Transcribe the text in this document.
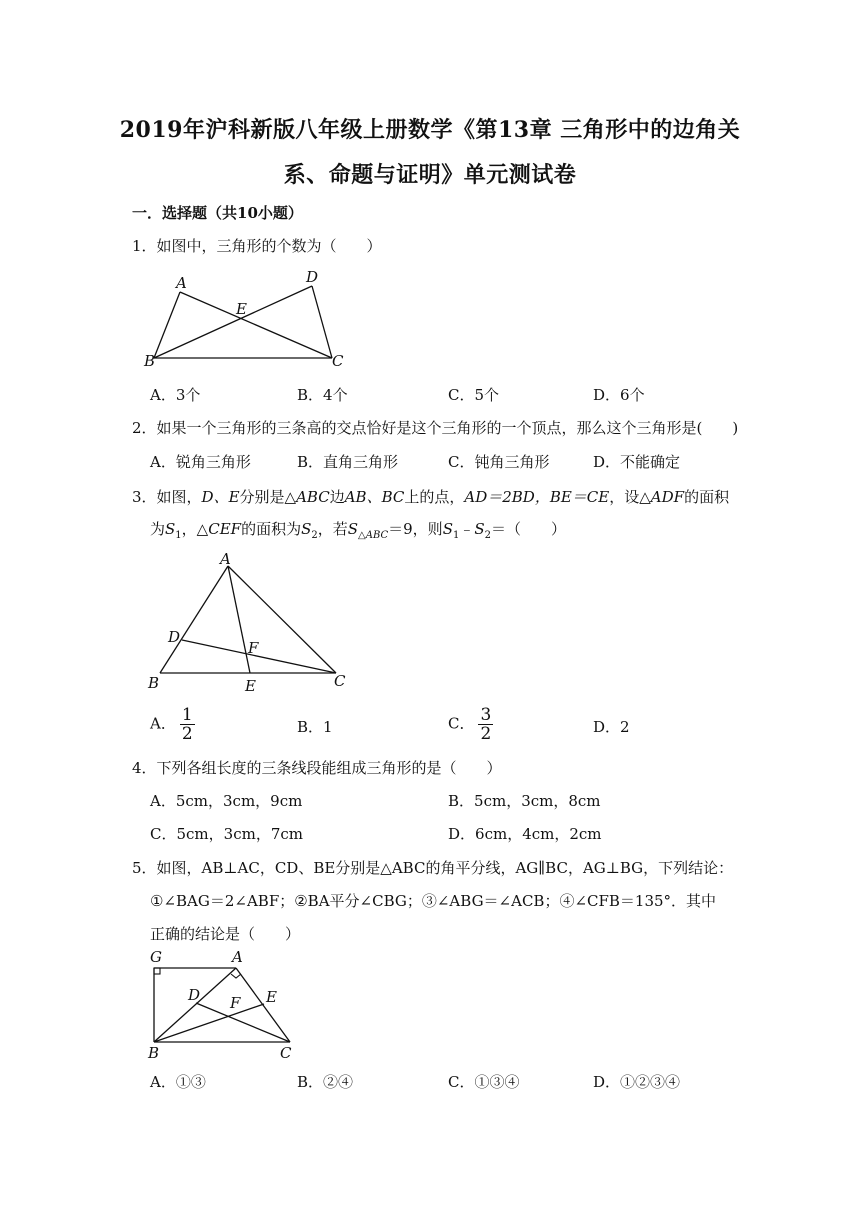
2019年沪科新版八年级上册数学《第13章 三角形中的边角关
系、命题与证明》单元测试卷
一．选择题（共10小题）
1．如图中，三角形的个数为（　　）
A	D
E
B	C
A．3个	B．4个	C．5个	D．6个
2．如果一个三角形的三条高的交点恰好是这个三角形的一个顶点，那么这个三角形是(　　)
A．锐角三角形	B．直角三角形	C．钝角三角形	D．不能确定
3．如图，D、E分别是△ABC边AB、BC上的点，AD＝2BD，BE＝CE，设△ADF的面积
为$S_1$，△CEF的面积为$S_2$，若$S_{\triangle ABC}=9$，则$S_1﹣S_2=$（　　）
A
D
F
B	E	C
A． $\frac{1}{2}$	B．1	C． $\frac{3}{2}$	D．2
4．下列各组长度的三条线段能组成三角形的是（　　）
A．5cm，3cm，9cm	B．5cm，3cm，8cm
C．5cm，3cm，7cm	D．6cm，4cm，2cm
5．如图，AB⊥AC，CD、BE分别是△ABC的角平分线，AG∥BC，AG⊥BG，下列结论：
①∠BAG＝2∠ABF；②BA平分∠CBG；③∠ABG＝∠ACB；④∠CFB＝135°．其中
正确的结论是（　　）
G	A
D	E
F
B	C
A．①③	B．②④	C．①③④	D．①②③④
